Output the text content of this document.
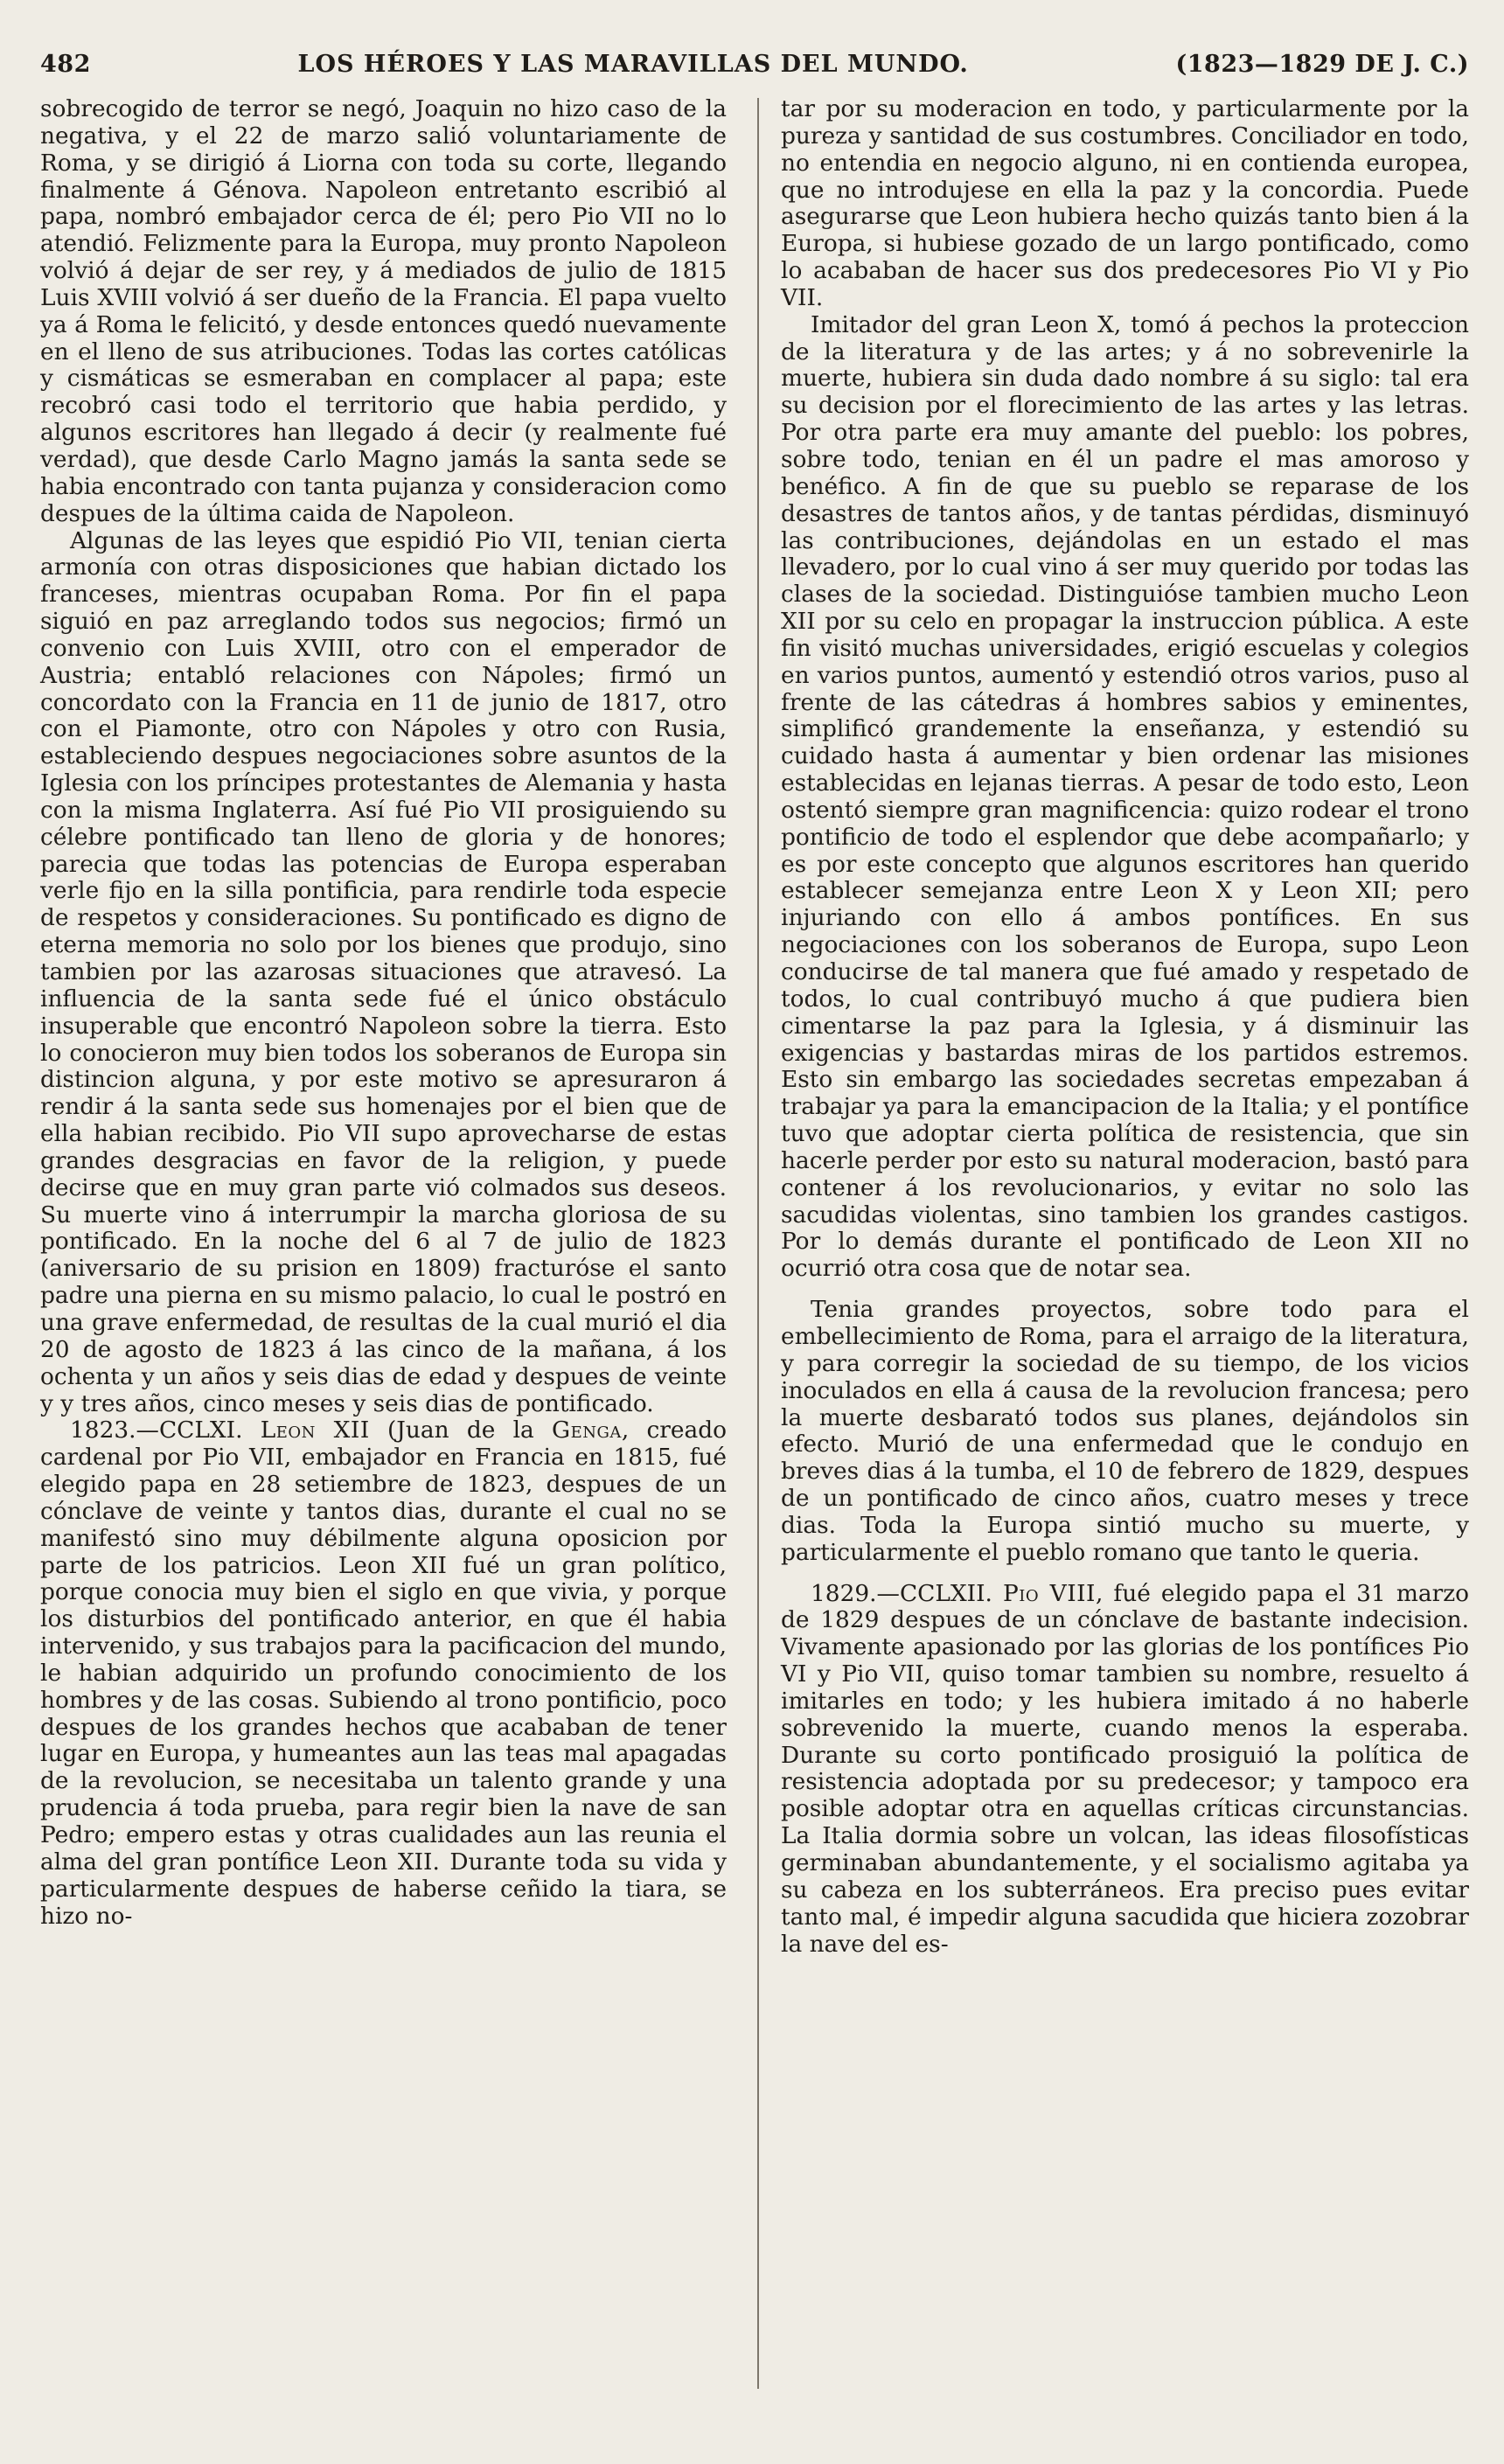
482	LOS HÉROES Y LAS MARAVILLAS DEL MUNDO.	(1823—1829 DE J. C.)

sobrecogido de terror se negó, Joaquin no hizo caso de la negativa, y el 22 de marzo salió voluntariamente de Roma, y se dirigió á Liorna con toda su corte, llegando finalmente á Génova. Napoleon entretanto escribió al papa, nombró embajador cerca de él; pero Pio VII no lo atendió. Felizmente para la Europa, muy pronto Napoleon volvió á dejar de ser rey, y á mediados de julio de 1815 Luis XVIII volvió á ser dueño de la Francia. El papa vuelto ya á Roma le felicitó, y desde entonces quedó nuevamente en el lleno de sus atribuciones. Todas las cortes católicas y cismáticas se esmeraban en complacer al papa; este recobró casi todo el territorio que habia perdido, y algunos escritores han llegado á decir (y realmente fué verdad), que desde Carlo Magno jamás la santa sede se habia encontrado con tanta pujanza y consideracion como despues de la última caida de Napoleon.

Algunas de las leyes que espidió Pio VII, tenian cierta armonía con otras disposiciones que habian dictado los franceses, mientras ocupaban Roma. Por fin el papa siguió en paz arreglando todos sus negocios; firmó un convenio con Luis XVIII, otro con el emperador de Austria; entabló relaciones con Nápoles; firmó un concordato con la Francia en 11 de junio de 1817, otro con el Piamonte, otro con Nápoles y otro con Rusia, estableciendo despues negociaciones sobre asuntos de la Iglesia con los príncipes protestantes de Alemania y hasta con la misma Inglaterra. Así fué Pio VII prosiguiendo su célebre pontificado tan lleno de gloria y de honores; parecia que todas las potencias de Europa esperaban verle fijo en la silla pontificia, para rendirle toda especie de respetos y consideraciones. Su pontificado es digno de eterna memoria no solo por los bienes que produjo, sino tambien por las azarosas situaciones que atravesó. La influencia de la santa sede fué el único obstáculo insuperable que encontró Napoleon sobre la tierra. Esto lo conocieron muy bien todos los soberanos de Europa sin distincion alguna, y por este motivo se apresuraron á rendir á la santa sede sus homenajes por el bien que de ella habian recibido. Pio VII supo aprovecharse de estas grandes desgracias en favor de la religion, y puede decirse que en muy gran parte vió colmados sus deseos. Su muerte vino á interrumpir la marcha gloriosa de su pontificado. En la noche del 6 al 7 de julio de 1823 (aniversario de su prision en 1809) fracturóse el santo padre una pierna en su mismo palacio, lo cual le postró en una grave enfermedad, de resultas de la cual murió el dia 20 de agosto de 1823 á las cinco de la mañana, á los ochenta y un años y seis dias de edad y despues de veinte y y tres años, cinco meses y seis dias de pontificado.

1823.—CCLXI. Leon XII (Juan de la Genga, creado cardenal por Pio VII, embajador en Francia en 1815, fué elegido papa en 28 setiembre de 1823, despues de un cónclave de veinte y tantos dias, durante el cual no se manifestó sino muy débilmente alguna oposicion por parte de los patricios. Leon XII fué un gran político, porque conocia muy bien el siglo en que vivia, y porque los disturbios del pontificado anterior, en que él habia intervenido, y sus trabajos para la pacificacion del mundo, le habian adquirido un profundo conocimiento de los hombres y de las cosas. Subiendo al trono pontificio, poco despues de los grandes hechos que acababan de tener lugar en Europa, y humeantes aun las teas mal apagadas de la revolucion, se necesitaba un talento grande y una prudencia á toda prueba, para regir bien la nave de san Pedro; empero estas y otras cualidades aun las reunia el alma del gran pontífice Leon XII. Durante toda su vida y particularmente despues de haberse ceñido la tiara, se hizo no-

tar por su moderacion en todo, y particularmente por la pureza y santidad de sus costumbres. Conciliador en todo, no entendia en negocio alguno, ni en contienda europea, que no introdujese en ella la paz y la concordia. Puede asegurarse que Leon hubiera hecho quizás tanto bien á la Europa, si hubiese gozado de un largo pontificado, como lo acababan de hacer sus dos predecesores Pio VI y Pio VII.

Imitador del gran Leon X, tomó á pechos la proteccion de la literatura y de las artes; y á no sobrevenirle la muerte, hubiera sin duda dado nombre á su siglo: tal era su decision por el florecimiento de las artes y las letras. Por otra parte era muy amante del pueblo: los pobres, sobre todo, tenian en él un padre el mas amoroso y benéfico. A fin de que su pueblo se reparase de los desastres de tantos años, y de tantas pérdidas, disminuyó las contribuciones, dejándolas en un estado el mas llevadero, por lo cual vino á ser muy querido por todas las clases de la sociedad. Distinguióse tambien mucho Leon XII por su celo en propagar la instruccion pública. A este fin visitó muchas universidades, erigió escuelas y colegios en varios puntos, aumentó y estendió otros varios, puso al frente de las cátedras á hombres sabios y eminentes, simplificó grandemente la enseñanza, y estendió su cuidado hasta á aumentar y bien ordenar las misiones establecidas en lejanas tierras. A pesar de todo esto, Leon ostentó siempre gran magnificencia: quizo rodear el trono pontificio de todo el esplendor que debe acompañarlo; y es por este concepto que algunos escritores han querido establecer semejanza entre Leon X y Leon XII; pero injuriando con ello á ambos pontífices. En sus negociaciones con los soberanos de Europa, supo Leon conducirse de tal manera que fué amado y respetado de todos, lo cual contribuyó mucho á que pudiera bien cimentarse la paz para la Iglesia, y á disminuir las exigencias y bastardas miras de los partidos estremos. Esto sin embargo las sociedades secretas empezaban á trabajar ya para la emancipacion de la Italia; y el pontífice tuvo que adoptar cierta política de resistencia, que sin hacerle perder por esto su natural moderacion, bastó para contener á los revolucionarios, y evitar no solo las sacudidas violentas, sino tambien los grandes castigos. Por lo demás durante el pontificado de Leon XII no ocurrió otra cosa que de notar sea.

Tenia grandes proyectos, sobre todo para el embellecimiento de Roma, para el arraigo de la literatura, y para corregir la sociedad de su tiempo, de los vicios inoculados en ella á causa de la revolucion francesa; pero la muerte desbarató todos sus planes, dejándolos sin efecto. Murió de una enfermedad que le condujo en breves dias á la tumba, el 10 de febrero de 1829, despues de un pontificado de cinco años, cuatro meses y trece dias. Toda la Europa sintió mucho su muerte, y particularmente el pueblo romano que tanto le queria.

1829.—CCLXII. Pio VIII, fué elegido papa el 31 marzo de 1829 despues de un cónclave de bastante indecision. Vivamente apasionado por las glorias de los pontífices Pio VI y Pio VII, quiso tomar tambien su nombre, resuelto á imitarles en todo; y les hubiera imitado á no haberle sobrevenido la muerte, cuando menos la esperaba. Durante su corto pontificado prosiguió la política de resistencia adoptada por su predecesor; y tampoco era posible adoptar otra en aquellas críticas circunstancias. La Italia dormia sobre un volcan, las ideas filosofísticas germinaban abundantemente, y el socialismo agitaba ya su cabeza en los subterráneos. Era preciso pues evitar tanto mal, é impedir alguna sacudida que hiciera zozobrar la nave del es-
